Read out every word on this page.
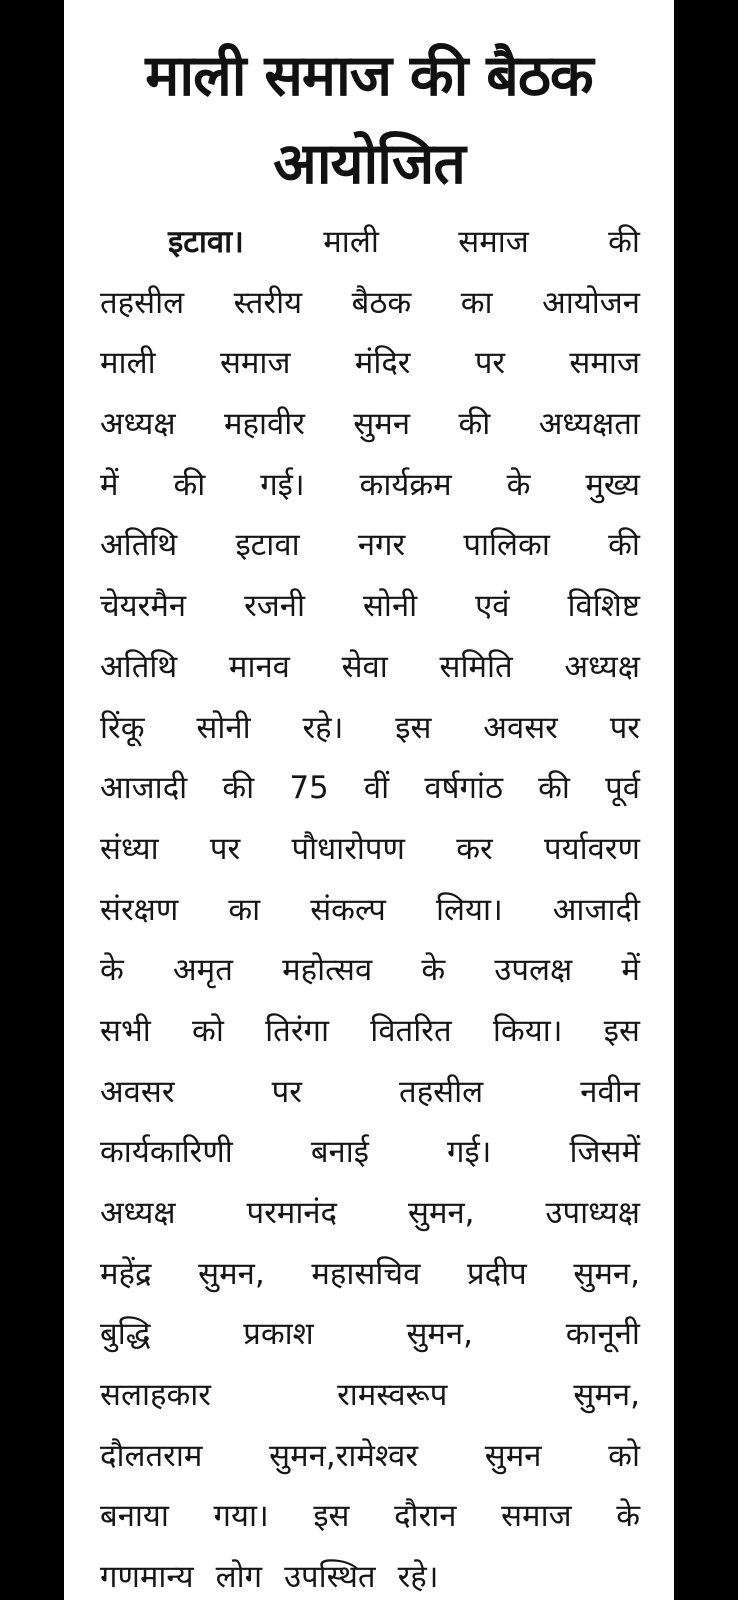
माली समाज की बैठक
आयोजित
इटावा।	माली	समाज	की
तहसील स्तरीय बैठक का आयोजन
माली समाज मंदिर पर समाज
अध्यक्ष महावीर सुमन की अध्यक्षता
में की गई। कार्यक्रम के मुख्य
अतिथि इटावा नगर पालिका की
चेयरमैन रजनी सोनी एवं विशिष्ट
अतिथि मानव सेवा समिति अध्यक्ष
रिंकू सोनी रहे। इस अवसर पर
आजादी की 75 वीं वर्षगांठ की पूर्व
संध्या पर पौधारोपण कर पर्यावरण
संरक्षण का संकल्प लिया। आजादी
के अमृत महोत्सव के उपलक्ष में
सभी को तिरंगा वितरित किया। इस
अवसर	पर	तहसील	नवीन
कार्यकारिणी	बनाई	गई।	जिसमें
अध्यक्ष परमानंद सुमन, उपाध्यक्ष
महेंद्र सुमन, महासचिव प्रदीप सुमन,
बुद्धि	प्रकाश	सुमन,	कानूनी
सलाहकार	रामस्वरूप	सुमन,
दौलतराम सुमन,रामेश्वर सुमन को
बनाया गया। इस दौरान समाज के
गणमान्य लोग उपस्थित रहे।
